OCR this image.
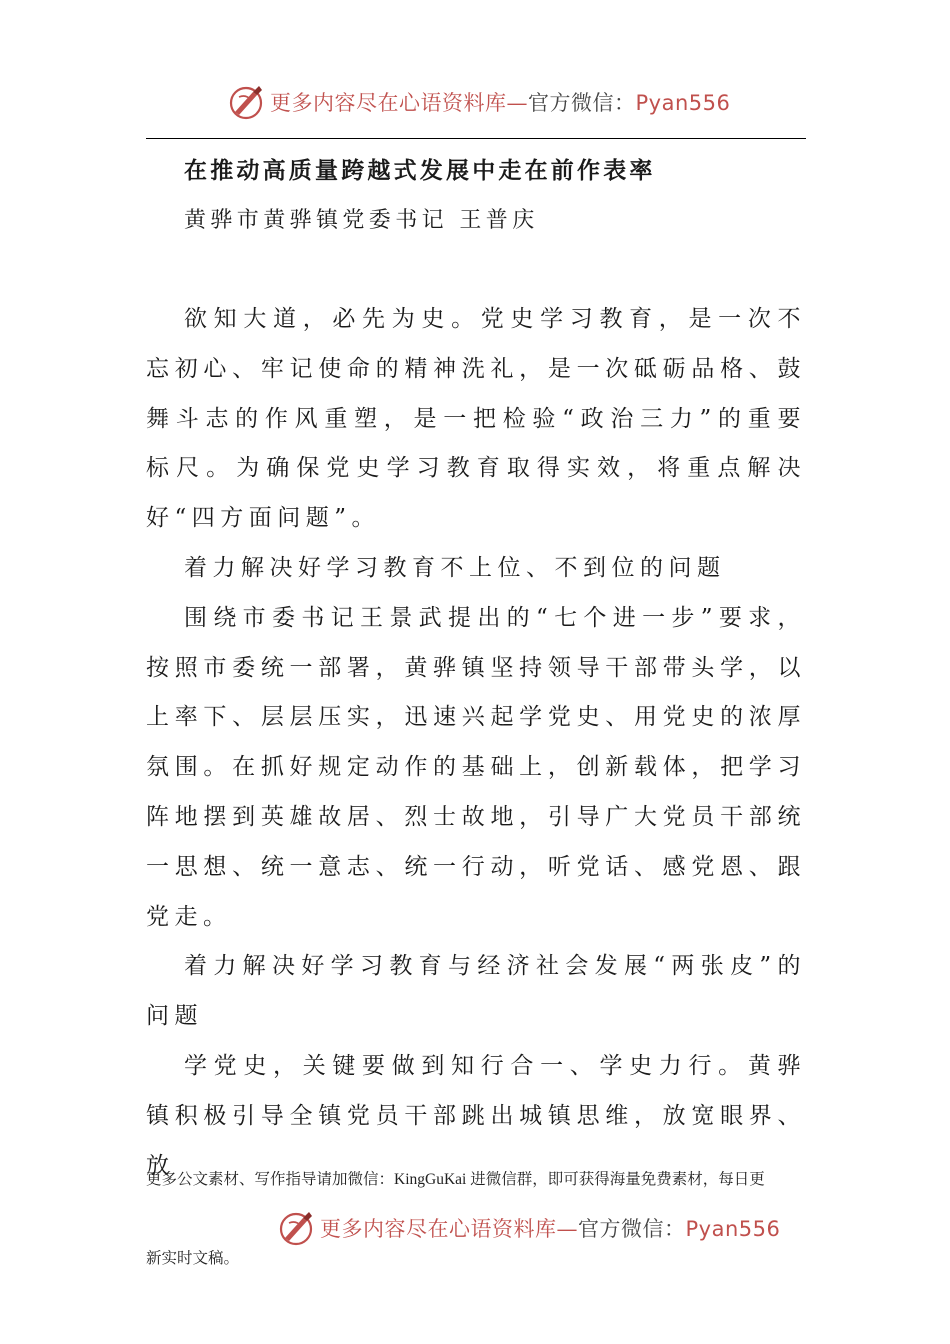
更多内容尽在心语资料库—官方微信：Pyan556
在推动高质量跨越式发展中走在前作表率
黄骅市黄骅镇党委书记 王普庆

欲知大道，必先为史。党史学习教育，是一次不忘初心、牢记使命的精神洗礼，是一次砥砺品格、鼓舞斗志的作风重塑，是一把检验“政治三力”的重要标尺。为确保党史学习教育取得实效，将重点解决好“四方面问题”。

着力解决好学习教育不上位、不到位的问题

围绕市委书记王景武提出的“七个进一步”要求，按照市委统一部署，黄骅镇坚持领导干部带头学，以上率下、层层压实，迅速兴起学党史、用党史的浓厚氛围。在抓好规定动作的基础上，创新载体，把学习阵地摆到英雄故居、烈士故地，引导广大党员干部统一思想、统一意志、统一行动，听党话、感党恩、跟党走。

着力解决好学习教育与经济社会发展“两张皮”的问题

学党史，关键要做到知行合一、学史力行。黄骅镇积极引导全镇党员干部跳出城镇思维，放宽眼界、放

更多公文素材、写作指导请加微信：KingGuKai 进微信群，即可获得海量免费素材，每日更
更多内容尽在心语资料库—官方微信：Pyan556
新实时文稿。
